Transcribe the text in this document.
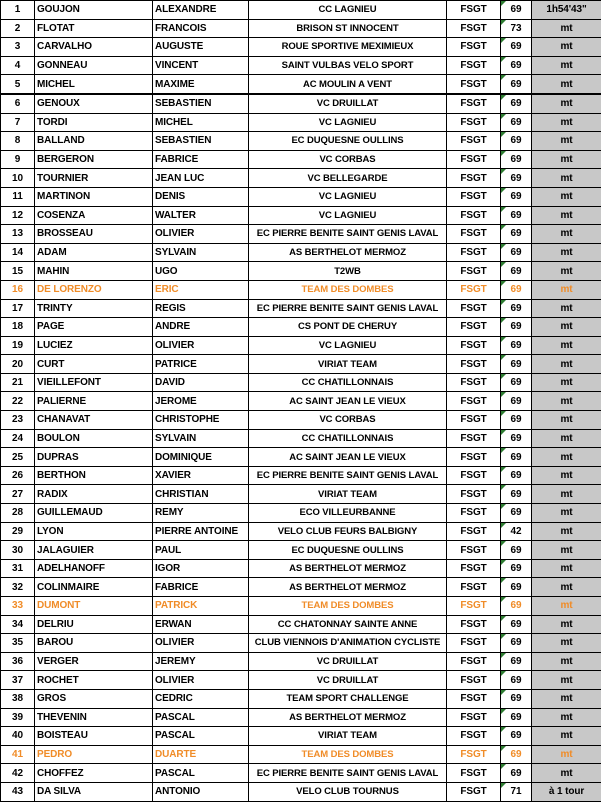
1	GOUJON	ALEXANDRE	CC LAGNIEU	FSGT	69	1h54'43"
2	FLOTAT	FRANCOIS	BRISON ST INNOCENT	FSGT	73	mt
3	CARVALHO	AUGUSTE	ROUE SPORTIVE MEXIMIEUX	FSGT	69	mt
4	GONNEAU	VINCENT	SAINT VULBAS VELO SPORT	FSGT	69	mt
5	MICHEL	MAXIME	AC MOULIN A VENT	FSGT	69	mt
6	GENOUX	SEBASTIEN	VC DRUILLAT	FSGT	69	mt
7	TORDI	MICHEL	VC LAGNIEU	FSGT	69	mt
8	BALLAND	SEBASTIEN	EC DUQUESNE OULLINS	FSGT	69	mt
9	BERGERON	FABRICE	VC CORBAS	FSGT	69	mt
10	TOURNIER	JEAN LUC	VC BELLEGARDE	FSGT	69	mt
11	MARTINON	DENIS	VC LAGNIEU	FSGT	69	mt
12	COSENZA	WALTER	VC LAGNIEU	FSGT	69	mt
13	BROSSEAU	OLIVIER	EC PIERRE BENITE SAINT GENIS LAVAL	FSGT	69	mt
14	ADAM	SYLVAIN	AS BERTHELOT MERMOZ	FSGT	69	mt
15	MAHIN	UGO	T2WB	FSGT	69	mt
16	DE LORENZO	ERIC	TEAM DES DOMBES	FSGT	69	mt
17	TRINTY	REGIS	EC PIERRE BENITE SAINT GENIS LAVAL	FSGT	69	mt
18	PAGE	ANDRE	CS PONT DE CHERUY	FSGT	69	mt
19	LUCIEZ	OLIVIER	VC LAGNIEU	FSGT	69	mt
20	CURT	PATRICE	VIRIAT TEAM	FSGT	69	mt
21	VIEILLEFONT	DAVID	CC CHATILLONNAIS	FSGT	69	mt
22	PALIERNE	JEROME	AC SAINT JEAN LE VIEUX	FSGT	69	mt
23	CHANAVAT	CHRISTOPHE	VC CORBAS	FSGT	69	mt
24	BOULON	SYLVAIN	CC CHATILLONNAIS	FSGT	69	mt
25	DUPRAS	DOMINIQUE	AC SAINT JEAN LE VIEUX	FSGT	69	mt
26	BERTHON	XAVIER	EC PIERRE BENITE SAINT GENIS LAVAL	FSGT	69	mt
27	RADIX	CHRISTIAN	VIRIAT TEAM	FSGT	69	mt
28	GUILLEMAUD	REMY	ECO VILLEURBANNE	FSGT	69	mt
29	LYON	PIERRE ANTOINE	VELO CLUB FEURS BALBIGNY	FSGT	42	mt
30	JALAGUIER	PAUL	EC DUQUESNE OULLINS	FSGT	69	mt
31	ADELHANOFF	IGOR	AS BERTHELOT MERMOZ	FSGT	69	mt
32	COLINMAIRE	FABRICE	AS BERTHELOT MERMOZ	FSGT	69	mt
33	DUMONT	PATRICK	TEAM DES DOMBES	FSGT	69	mt
34	DELRIU	ERWAN	CC CHATONNAY SAINTE ANNE	FSGT	69	mt
35	BAROU	OLIVIER	CLUB VIENNOIS D'ANIMATION CYCLISTE	FSGT	69	mt
36	VERGER	JEREMY	VC DRUILLAT	FSGT	69	mt
37	ROCHET	OLIVIER	VC DRUILLAT	FSGT	69	mt
38	GROS	CEDRIC	TEAM SPORT CHALLENGE	FSGT	69	mt
39	THEVENIN	PASCAL	AS BERTHELOT MERMOZ	FSGT	69	mt
40	BOISTEAU	PASCAL	VIRIAT TEAM	FSGT	69	mt
41	PEDRO	DUARTE	TEAM DES DOMBES	FSGT	69	mt
42	CHOFFEZ	PASCAL	EC PIERRE BENITE SAINT GENIS LAVAL	FSGT	69	mt
43	DA SILVA	ANTONIO	VELO CLUB TOURNUS	FSGT	71	à 1 tour
